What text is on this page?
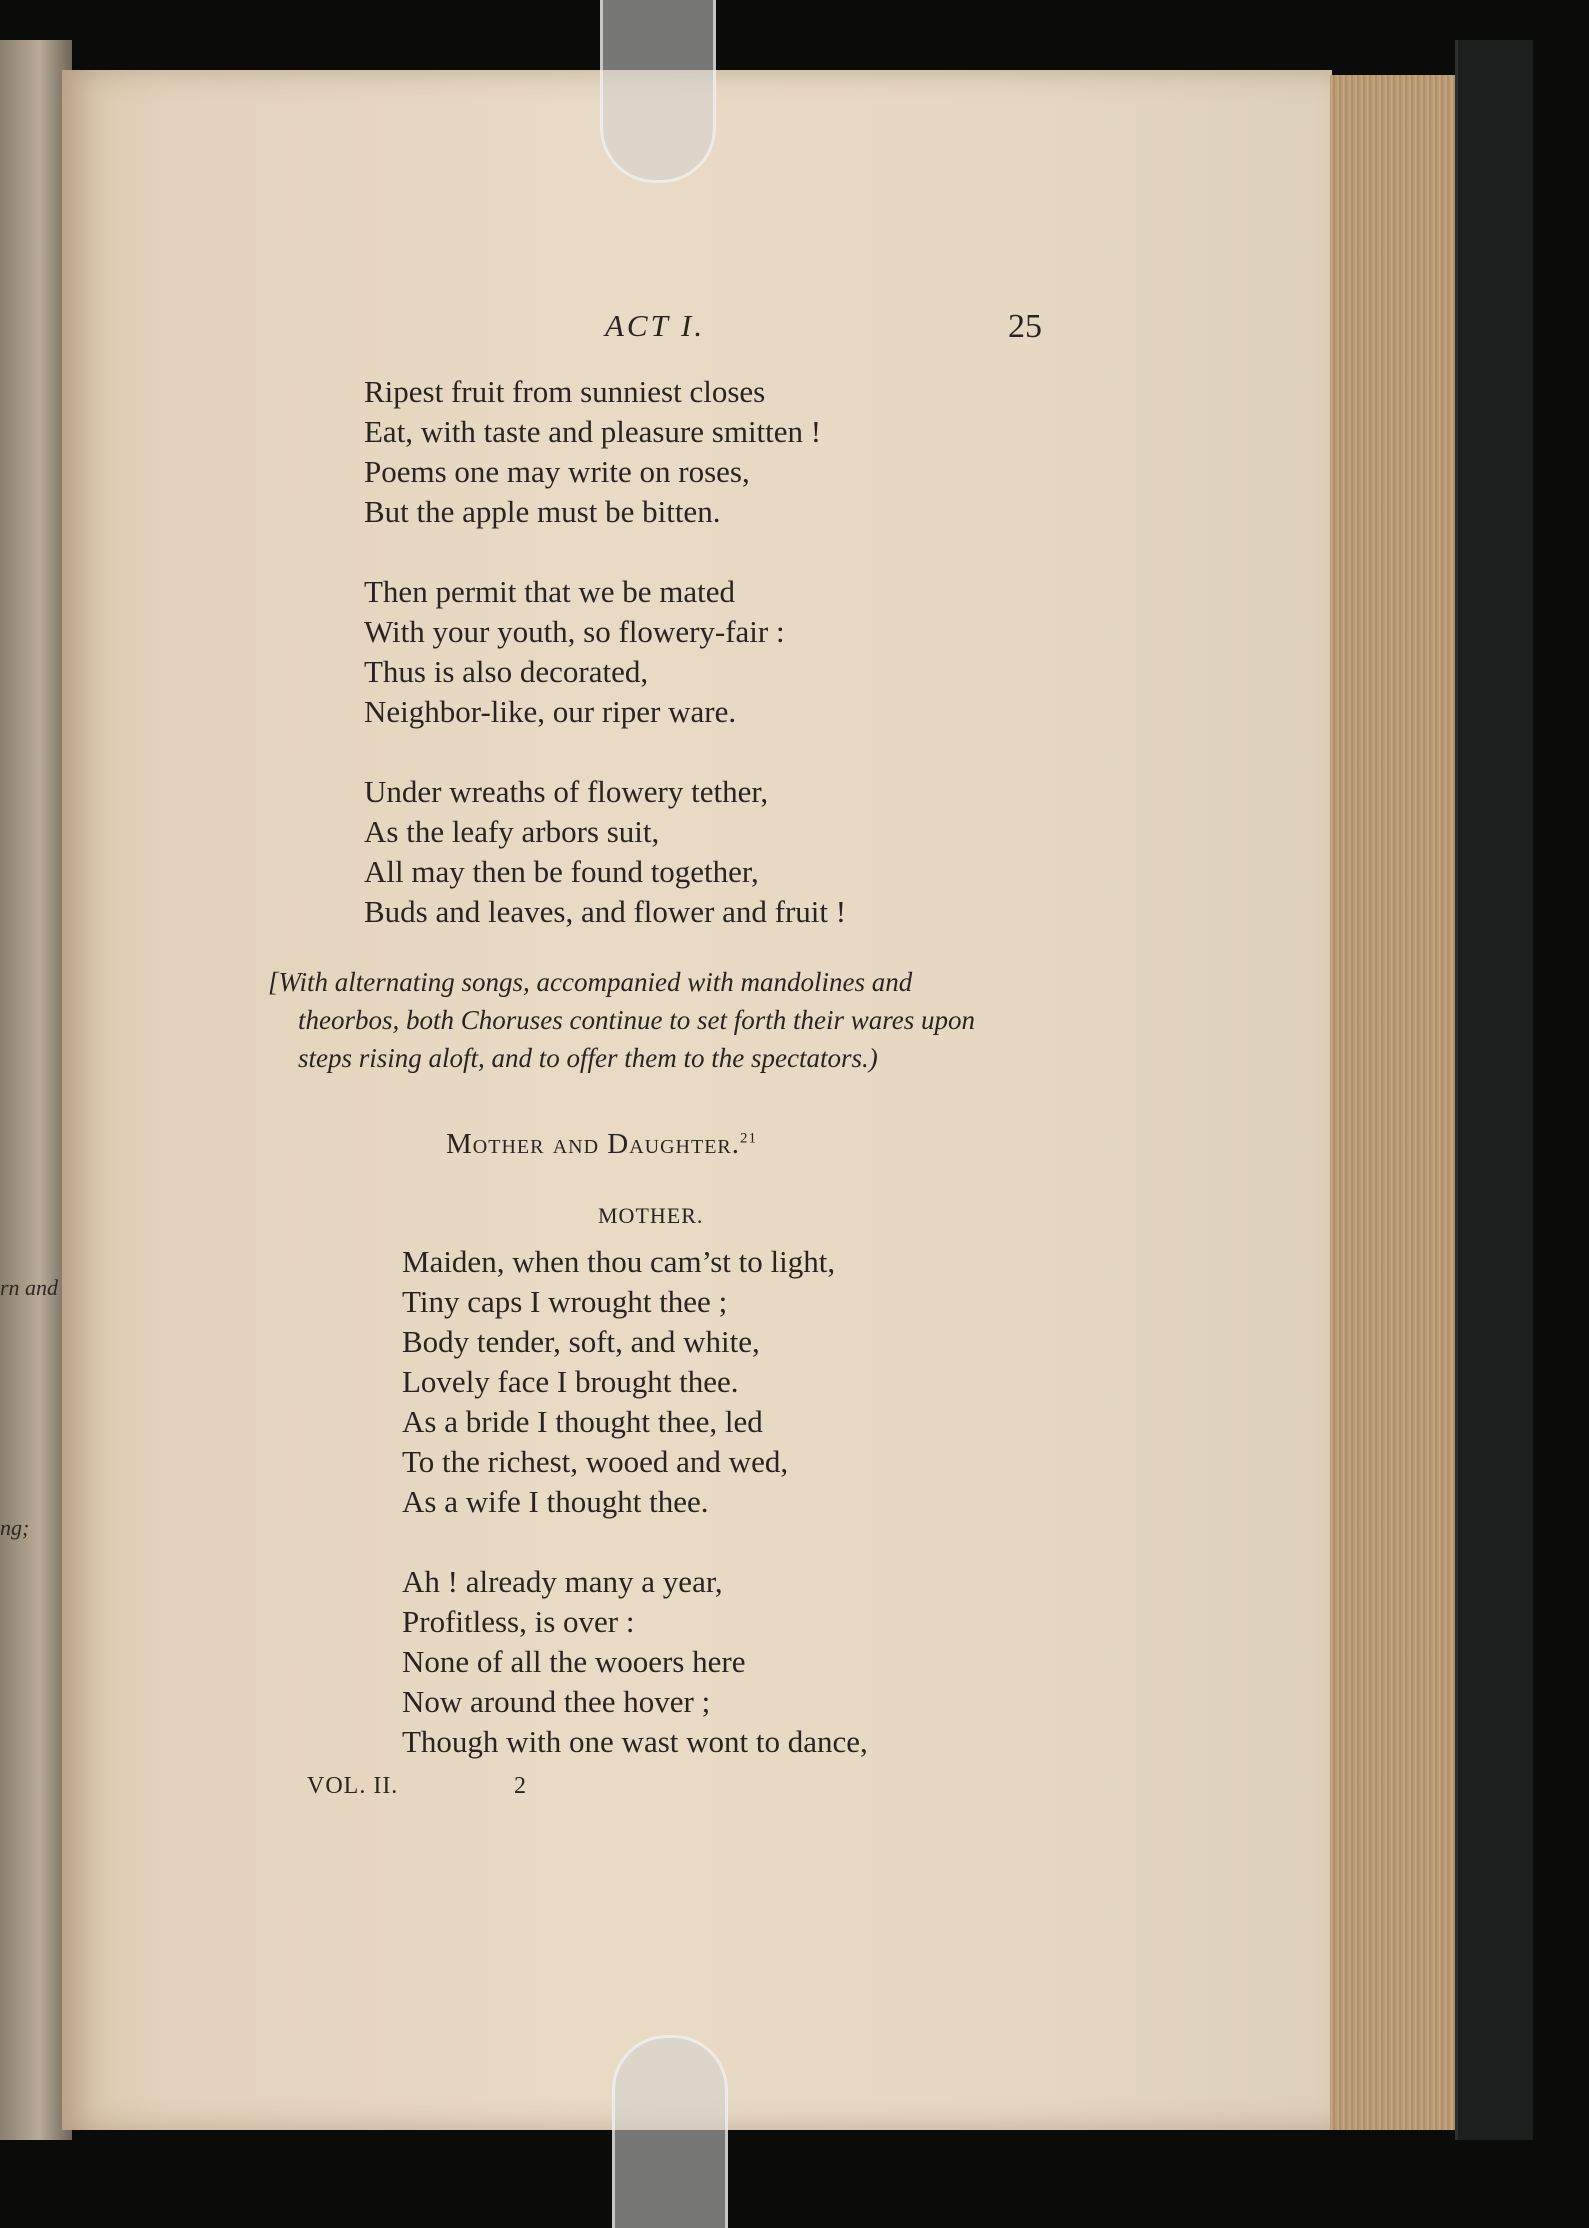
rn and
ng;
ACT I.	25
Ripest fruit from sunniest closes
Eat, with taste and pleasure smitten !
Poems one may write on roses,
But the apple must be bitten.
Then permit that we be mated
With your youth, so flowery-fair :
Thus is also decorated,
Neighbor-like, our riper ware.
Under wreaths of flowery tether,
As the leafy arbors suit,
All may then be found together,
Buds and leaves, and flower and fruit !
[With alternating songs, accompanied with mandolines and
theorbos, both Choruses continue to set forth their wares upon
steps rising aloft, and to offer them to the spectators.)
Mother and Daughter.$^{21}$
MOTHER.
Maiden, when thou cam’st to light,
Tiny caps I wrought thee ;
Body tender, soft, and white,
Lovely face I brought thee.
As a bride I thought thee, led
To the richest, wooed and wed,
As a wife I thought thee.
Ah ! already many a year,
Profitless, is over :
None of all the wooers here
Now around thee hover ;
Though with one wast wont to dance,
VOL. II.	2
